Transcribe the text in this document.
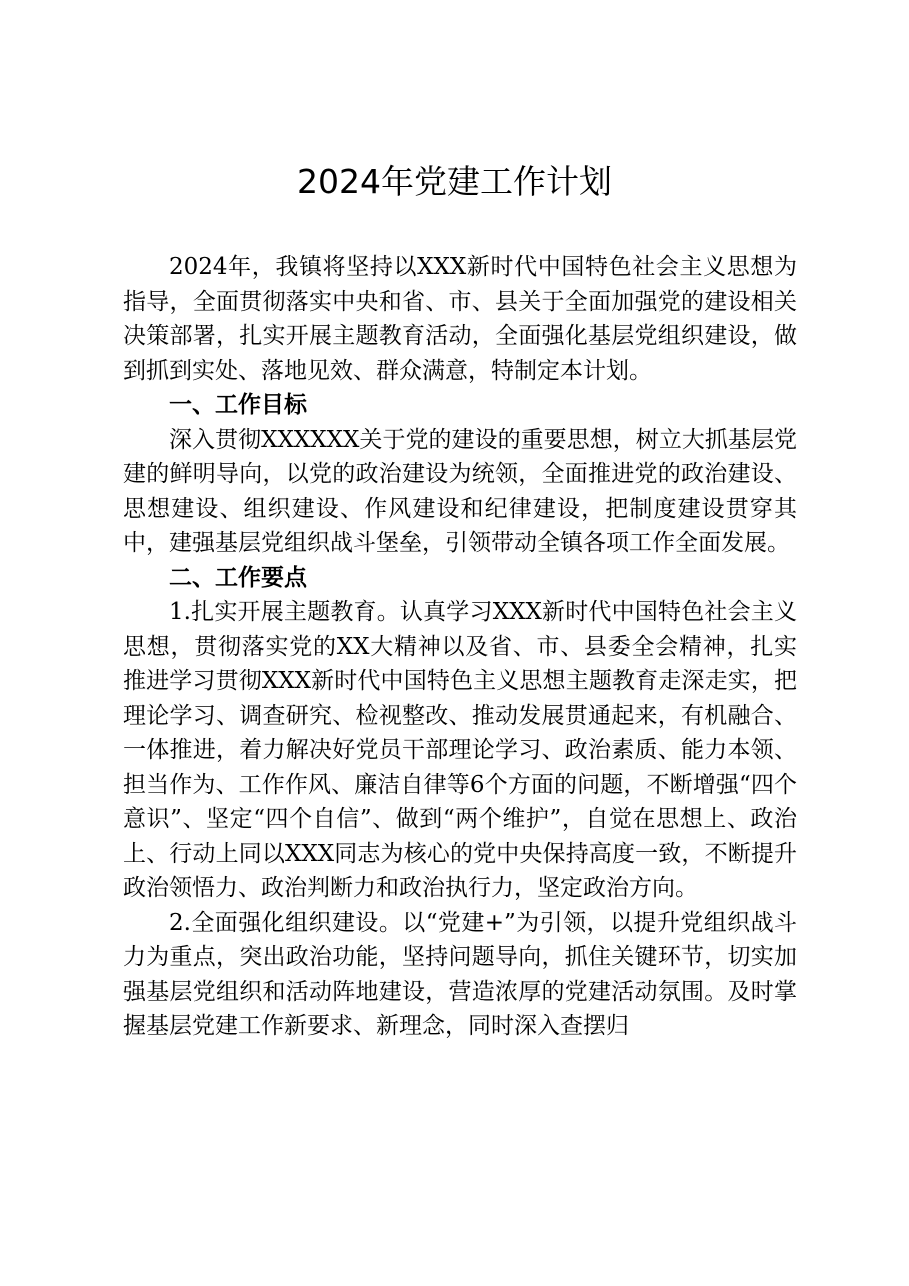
2024年党建工作计划

2024年，我镇将坚持以XXX新时代中国特色社会主义思想为指导，全面贯彻落实中央和省、市、县关于全面加强党的建设相关决策部署，扎实开展主题教育活动，全面强化基层党组织建设，做到抓到实处、落地见效、群众满意，特制定本计划。

一、工作目标

深入贯彻XXXXXX关于党的建设的重要思想，树立大抓基层党建的鲜明导向，以党的政治建设为统领，全面推进党的政治建设、思想建设、组织建设、作风建设和纪律建设，把制度建设贯穿其中，建强基层党组织战斗堡垒，引领带动全镇各项工作全面发展。

二、工作要点

1.扎实开展主题教育。认真学习XXX新时代中国特色社会主义思想，贯彻落实党的XX大精神以及省、市、县委全会精神，扎实推进学习贯彻XXX新时代中国特色主义思想主题教育走深走实，把理论学习、调查研究、检视整改、推动发展贯通起来，有机融合、一体推进，着力解决好党员干部理论学习、政治素质、能力本领、担当作为、工作作风、廉洁自律等6个方面的问题，不断增强“四个意识”、坚定“四个自信”、做到“两个维护”，自觉在思想上、政治上、行动上同以XXX同志为核心的党中央保持高度一致，不断提升政治领悟力、政治判断力和政治执行力，坚定政治方向。

2.全面强化组织建设。以“党建+”为引领，以提升党组织战斗力为重点，突出政治功能，坚持问题导向，抓住关键环节，切实加强基层党组织和活动阵地建设，营造浓厚的党建活动氛围。及时掌握基层党建工作新要求、新理念，同时深入查摆归
